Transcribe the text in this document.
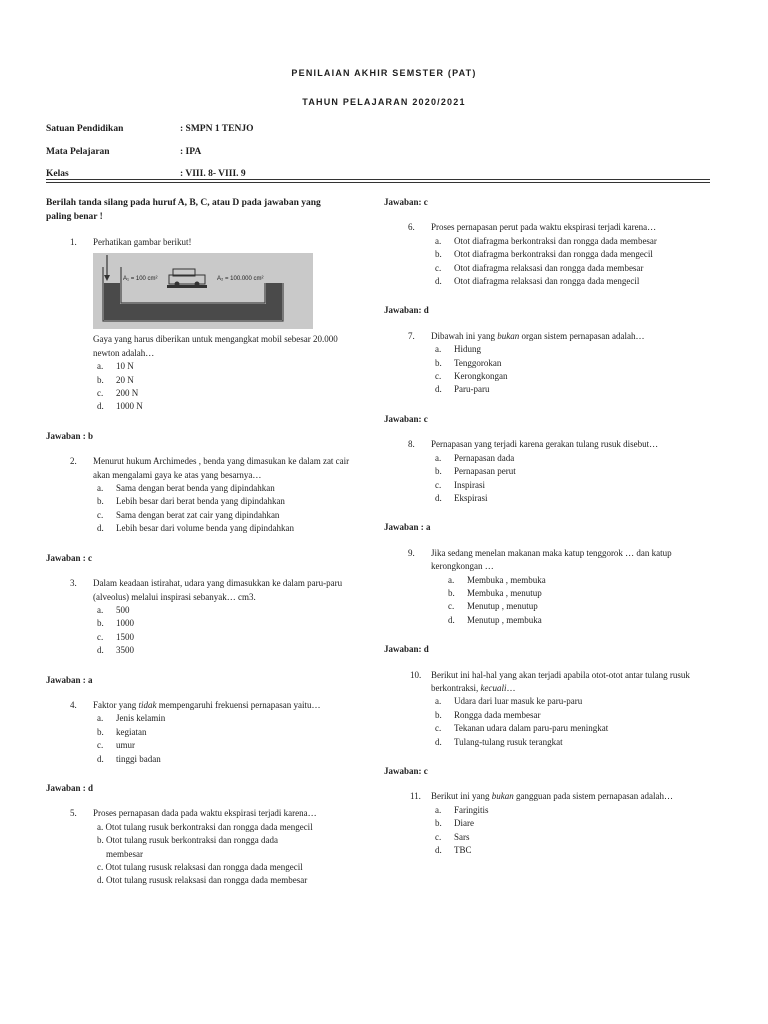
PENILAIAN AKHIR SEMSTER (PAT)
TAHUN PELAJARAN 2020/2021
Satuan Pendidikan	: SMPN 1 TENJO
Mata Pelajaran	: IPA
Kelas	: VIII. 8- VIII. 9
Berilah tanda silang pada huruf A, B, C, atau D pada jawaban yang paling benar !
1. Perhatikan gambar berikut!
A₁ = 100 cm²	A₂ = 100.000 cm²
Gaya yang harus diberikan untuk mengangkat mobil sebesar 20.000 newton adalah…
a. 10 N
b. 20 N
c. 200 N
d. 1000 N
Jawaban : b
2. Menurut hukum Archimedes , benda yang dimasukan ke dalam zat cair akan mengalami gaya ke atas yang besarnya…
a. Sama dengan berat benda yang dipindahkan
b. Lebih besar dari berat benda yang dipindahkan
c. Sama dengan berat zat cair yang dipindahkan
d. Lebih besar dari volume benda yang dipindahkan
Jawaban : c
3. Dalam keadaan istirahat, udara yang dimasukkan ke dalam paru-paru (alveolus) melalui inspirasi sebanyak… cm3.
a. 500
b. 1000
c. 1500
d. 3500
Jawaban : a
4. Faktor yang tidak mempengaruhi frekuensi pernapasan yaitu…
a. Jenis kelamin
b. kegiatan
c. umur
d. tinggi badan
Jawaban : d
5. Proses pernapasan dada pada waktu ekspirasi terjadi karena…
a. Otot tulang rusuk berkontraksi dan rongga dada mengecil
b. Otot tulang rusuk berkontraksi dan rongga dada
membesar
c. Otot tulang rususk relaksasi dan rongga dada mengecil
d. Otot tulang rususk relaksasi dan rongga dada membesar
Jawaban: c
6. Proses pernapasan perut pada waktu ekspirasi terjadi karena…
a. Otot diafragma berkontraksi dan rongga dada membesar
b. Otot diafragma berkontraksi dan rongga dada mengecil
c. Otot diafragma relaksasi dan rongga dada membesar
d. Otot diafragma relaksasi dan rongga dada mengecil
Jawaban: d
7. Dibawah ini yang bukan organ sistem pernapasan adalah…
a. Hidung
b. Tenggorokan
c. Kerongkongan
d. Paru-paru
Jawaban: c
8. Pernapasan yang terjadi karena gerakan tulang rusuk disebut…
a. Pernapasan dada
b. Pernapasan perut
c. Inspirasi
d. Ekspirasi
Jawaban : a
9. Jika sedang menelan makanan maka katup tenggorok … dan katup kerongkongan …
a. Membuka , membuka
b. Membuka , menutup
c. Menutup , menutup
d. Menutup , membuka
Jawaban: d
10. Berikut ini hal-hal yang akan terjadi apabila otot-otot antar tulang rusuk berkontraksi, kecuali…
a. Udara dari luar masuk ke paru-paru
b. Rongga dada membesar
c. Tekanan udara dalam paru-paru meningkat
d. Tulang-tulang rusuk terangkat
Jawaban: c
11. Berikut ini yang bukan gangguan pada sistem pernapasan adalah…
a. Faringitis
b. Diare
c. Sars
d. TBC
